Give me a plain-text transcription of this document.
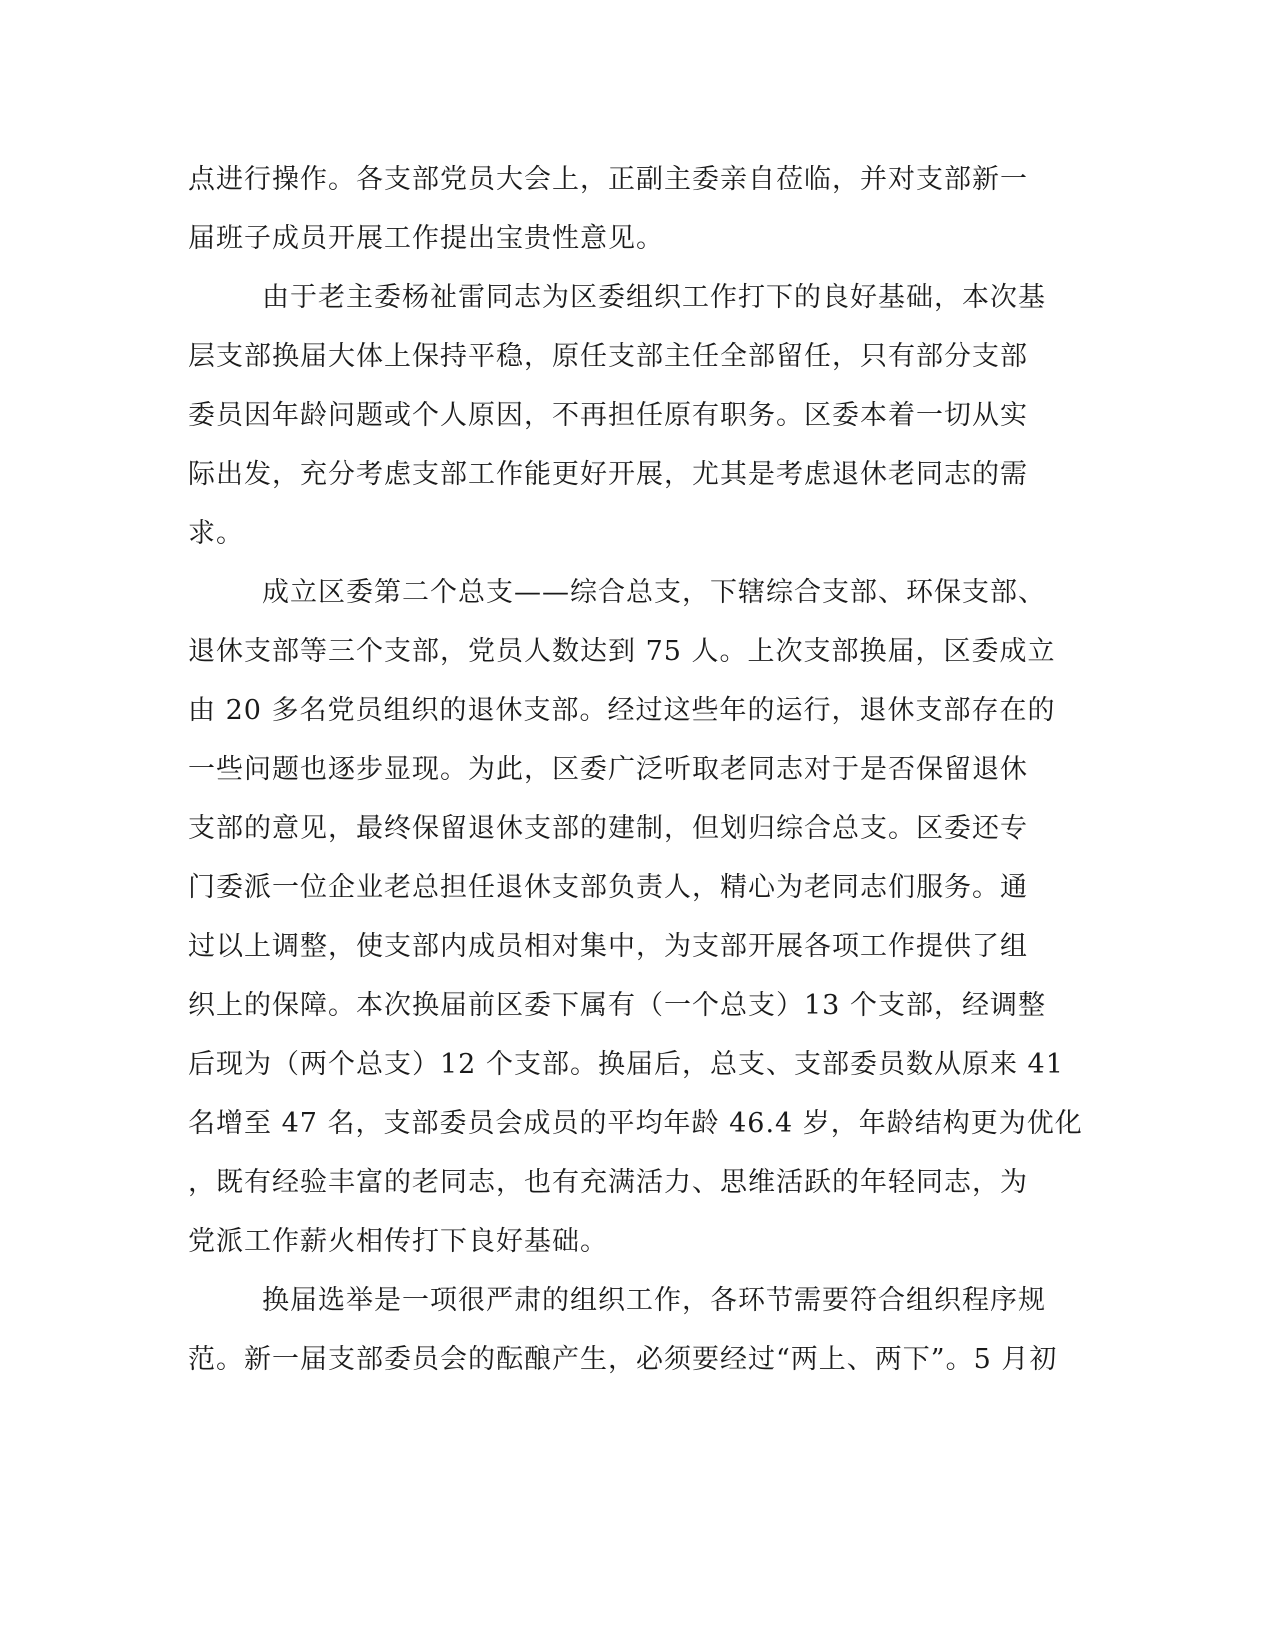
点进行操作。各支部党员大会上，正副主委亲自莅临，并对支部新一
届班子成员开展工作提出宝贵性意见。
由于老主委杨祉雷同志为区委组织工作打下的良好基础，本次基
层支部换届大体上保持平稳，原任支部主任全部留任，只有部分支部
委员因年龄问题或个人原因，不再担任原有职务。区委本着一切从实
际出发，充分考虑支部工作能更好开展，尤其是考虑退休老同志的需
求。
成立区委第二个总支——综合总支，下辖综合支部、环保支部、
退休支部等三个支部，党员人数达到 75 人。上次支部换届，区委成立
由 20 多名党员组织的退休支部。经过这些年的运行，退休支部存在的
一些问题也逐步显现。为此，区委广泛听取老同志对于是否保留退休
支部的意见，最终保留退休支部的建制，但划归综合总支。区委还专
门委派一位企业老总担任退休支部负责人，精心为老同志们服务。通
过以上调整，使支部内成员相对集中，为支部开展各项工作提供了组
织上的保障。本次换届前区委下属有（一个总支）13 个支部，经调整
后现为（两个总支）12 个支部。换届后，总支、支部委员数从原来 41
名增至 47 名，支部委员会成员的平均年龄 46.4 岁，年龄结构更为优化
，既有经验丰富的老同志，也有充满活力、思维活跃的年轻同志，为
党派工作薪火相传打下良好基础。
换届选举是一项很严肃的组织工作，各环节需要符合组织程序规
范。新一届支部委员会的酝酿产生，必须要经过“两上、两下”。5 月初
